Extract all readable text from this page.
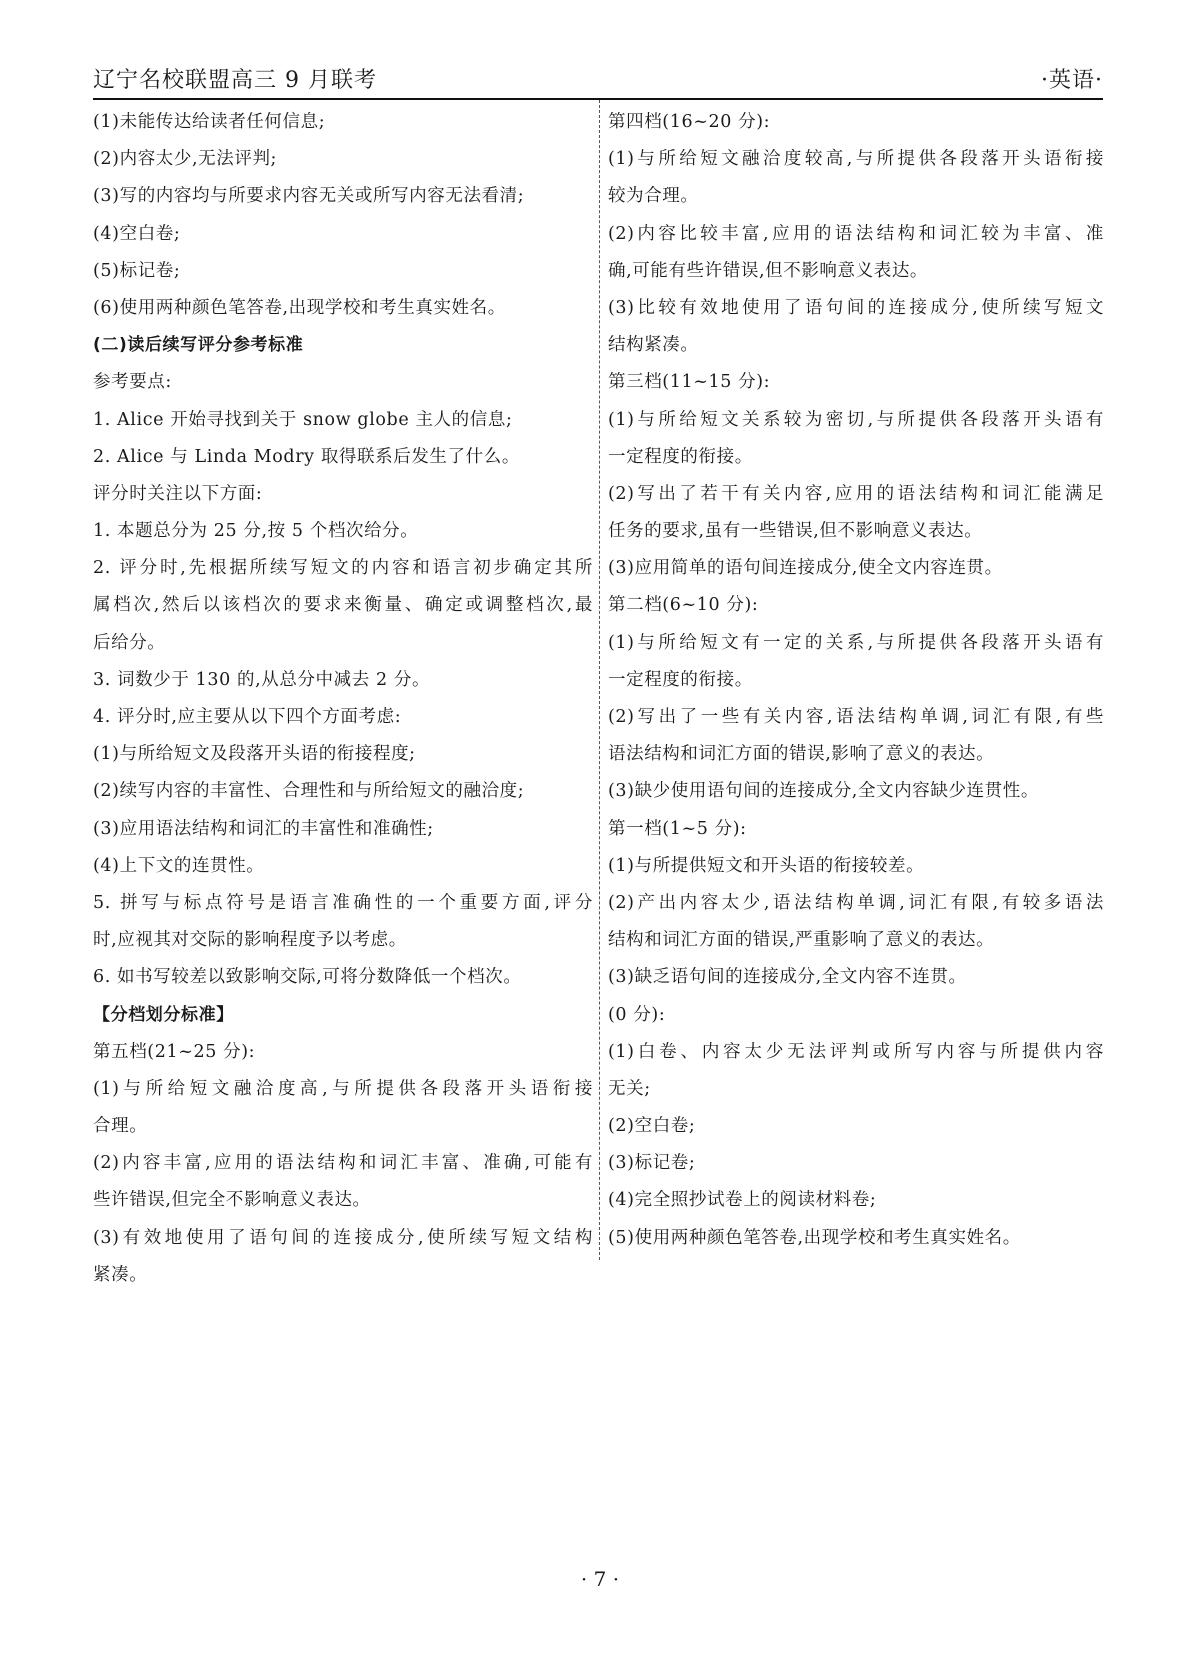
辽宁名校联盟高三 9 月联考	·英语·
(1)未能传达给读者任何信息;
(2)内容太少,无法评判;
(3)写的内容均与所要求内容无关或所写内容无法看清;
(4)空白卷;
(5)标记卷;
(6)使用两种颜色笔答卷,出现学校和考生真实姓名。
(二)读后续写评分参考标准
参考要点:
1. Alice 开始寻找到关于 snow globe 主人的信息;
2. Alice 与 Linda Modry 取得联系后发生了什么。
评分时关注以下方面:
1. 本题总分为 25 分,按 5 个档次给分。
2. 评分时,先根据所续写短文的内容和语言初步确定其所
属档次,然后以该档次的要求来衡量、确定或调整档次,最
后给分。
3. 词数少于 130 的,从总分中减去 2 分。
4. 评分时,应主要从以下四个方面考虑:
(1)与所给短文及段落开头语的衔接程度;
(2)续写内容的丰富性、合理性和与所给短文的融洽度;
(3)应用语法结构和词汇的丰富性和准确性;
(4)上下文的连贯性。
5. 拼写与标点符号是语言准确性的一个重要方面,评分
时,应视其对交际的影响程度予以考虑。
6. 如书写较差以致影响交际,可将分数降低一个档次。
【分档划分标准】
第五档(21~25 分):
(1)与所给短文融洽度高,与所提供各段落开头语衔接
合理。
(2)内容丰富,应用的语法结构和词汇丰富、准确,可能有
些许错误,但完全不影响意义表达。
(3)有效地使用了语句间的连接成分,使所续写短文结构
紧凑。
第四档(16~20 分):
(1)与所给短文融洽度较高,与所提供各段落开头语衔接
较为合理。
(2)内容比较丰富,应用的语法结构和词汇较为丰富、准
确,可能有些许错误,但不影响意义表达。
(3)比较有效地使用了语句间的连接成分,使所续写短文
结构紧凑。
第三档(11~15 分):
(1)与所给短文关系较为密切,与所提供各段落开头语有
一定程度的衔接。
(2)写出了若干有关内容,应用的语法结构和词汇能满足
任务的要求,虽有一些错误,但不影响意义表达。
(3)应用简单的语句间连接成分,使全文内容连贯。
第二档(6~10 分):
(1)与所给短文有一定的关系,与所提供各段落开头语有
一定程度的衔接。
(2)写出了一些有关内容,语法结构单调,词汇有限,有些
语法结构和词汇方面的错误,影响了意义的表达。
(3)缺少使用语句间的连接成分,全文内容缺少连贯性。
第一档(1~5 分):
(1)与所提供短文和开头语的衔接较差。
(2)产出内容太少,语法结构单调,词汇有限,有较多语法
结构和词汇方面的错误,严重影响了意义的表达。
(3)缺乏语句间的连接成分,全文内容不连贯。
(0 分):
(1)白卷、内容太少无法评判或所写内容与所提供内容
无关;
(2)空白卷;
(3)标记卷;
(4)完全照抄试卷上的阅读材料卷;
(5)使用两种颜色笔答卷,出现学校和考生真实姓名。
· 7 ·
